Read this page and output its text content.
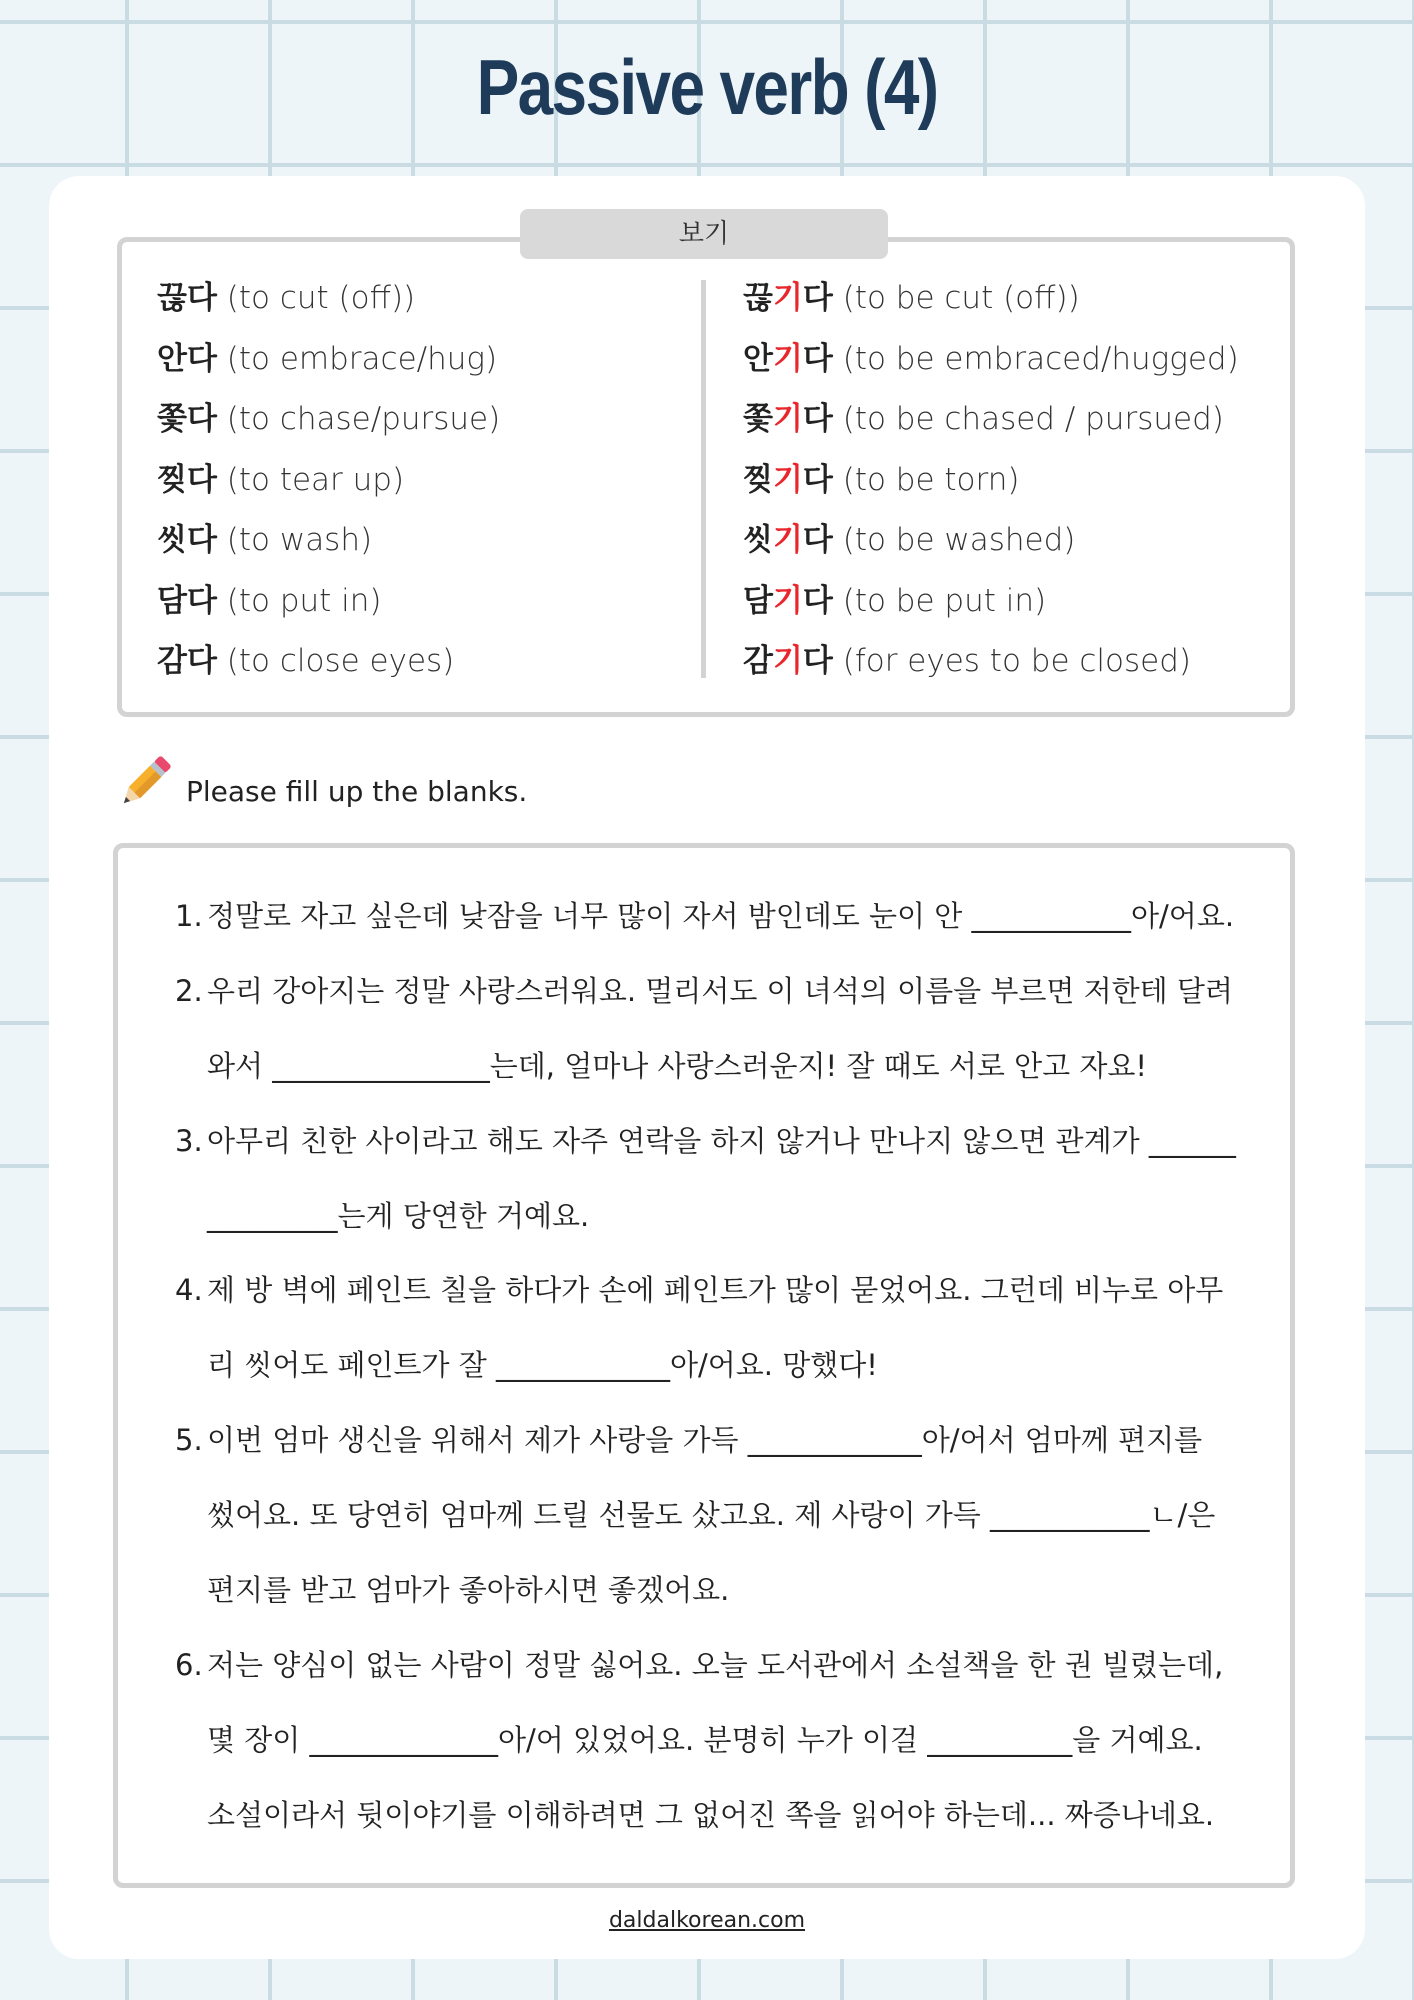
Passive verb (4)
보기
끊다 (to cut (off))
안다 (to embrace/hug)
쫓다 (to chase/pursue)
찢다 (to tear up)
씻다 (to wash)
담다 (to put in)
감다 (to close eyes)
끊기다 (to be cut (off))
안기다 (to be embraced/hugged)
쫓기다 (to be chased / pursued)
찢기다 (to be torn)
씻기다 (to be washed)
담기다 (to be put in)
감기다 (for eyes to be closed)
Please fill up the blanks.
1. 정말로 자고 싶은데 낮잠을 너무 많이 자서 밤인데도 눈이 안 ___________아/어요.
2. 우리 강아지는 정말 사랑스러워요. 멀리서도 이 녀석의 이름을 부르면 저한테 달려
와서 _______________는데, 얼마나 사랑스러운지! 잘 때도 서로 안고 자요!
3. 아무리 친한 사이라고 해도 자주 연락을 하지 않거나 만나지 않으면 관계가 ______
_________는게 당연한 거예요.
4. 제 방 벽에 페인트 칠을 하다가 손에 페인트가 많이 묻었어요. 그런데 비누로 아무
리 씻어도 페인트가 잘 ____________아/어요. 망했다!
5. 이번 엄마 생신을 위해서 제가 사랑을 가득 ____________아/어서 엄마께 편지를
썼어요. 또 당연히 엄마께 드릴 선물도 샀고요. 제 사랑이 가득 ___________ㄴ/은
편지를 받고 엄마가 좋아하시면 좋겠어요.
6. 저는 양심이 없는 사람이 정말 싫어요. 오늘 도서관에서 소설책을 한 권 빌렸는데,
몇 장이 _____________아/어 있었어요. 분명히 누가 이걸 __________을 거예요.
소설이라서 뒷이야기를 이해하려면 그 없어진 쪽을 읽어야 하는데... 짜증나네요.
daldalkorean.com
